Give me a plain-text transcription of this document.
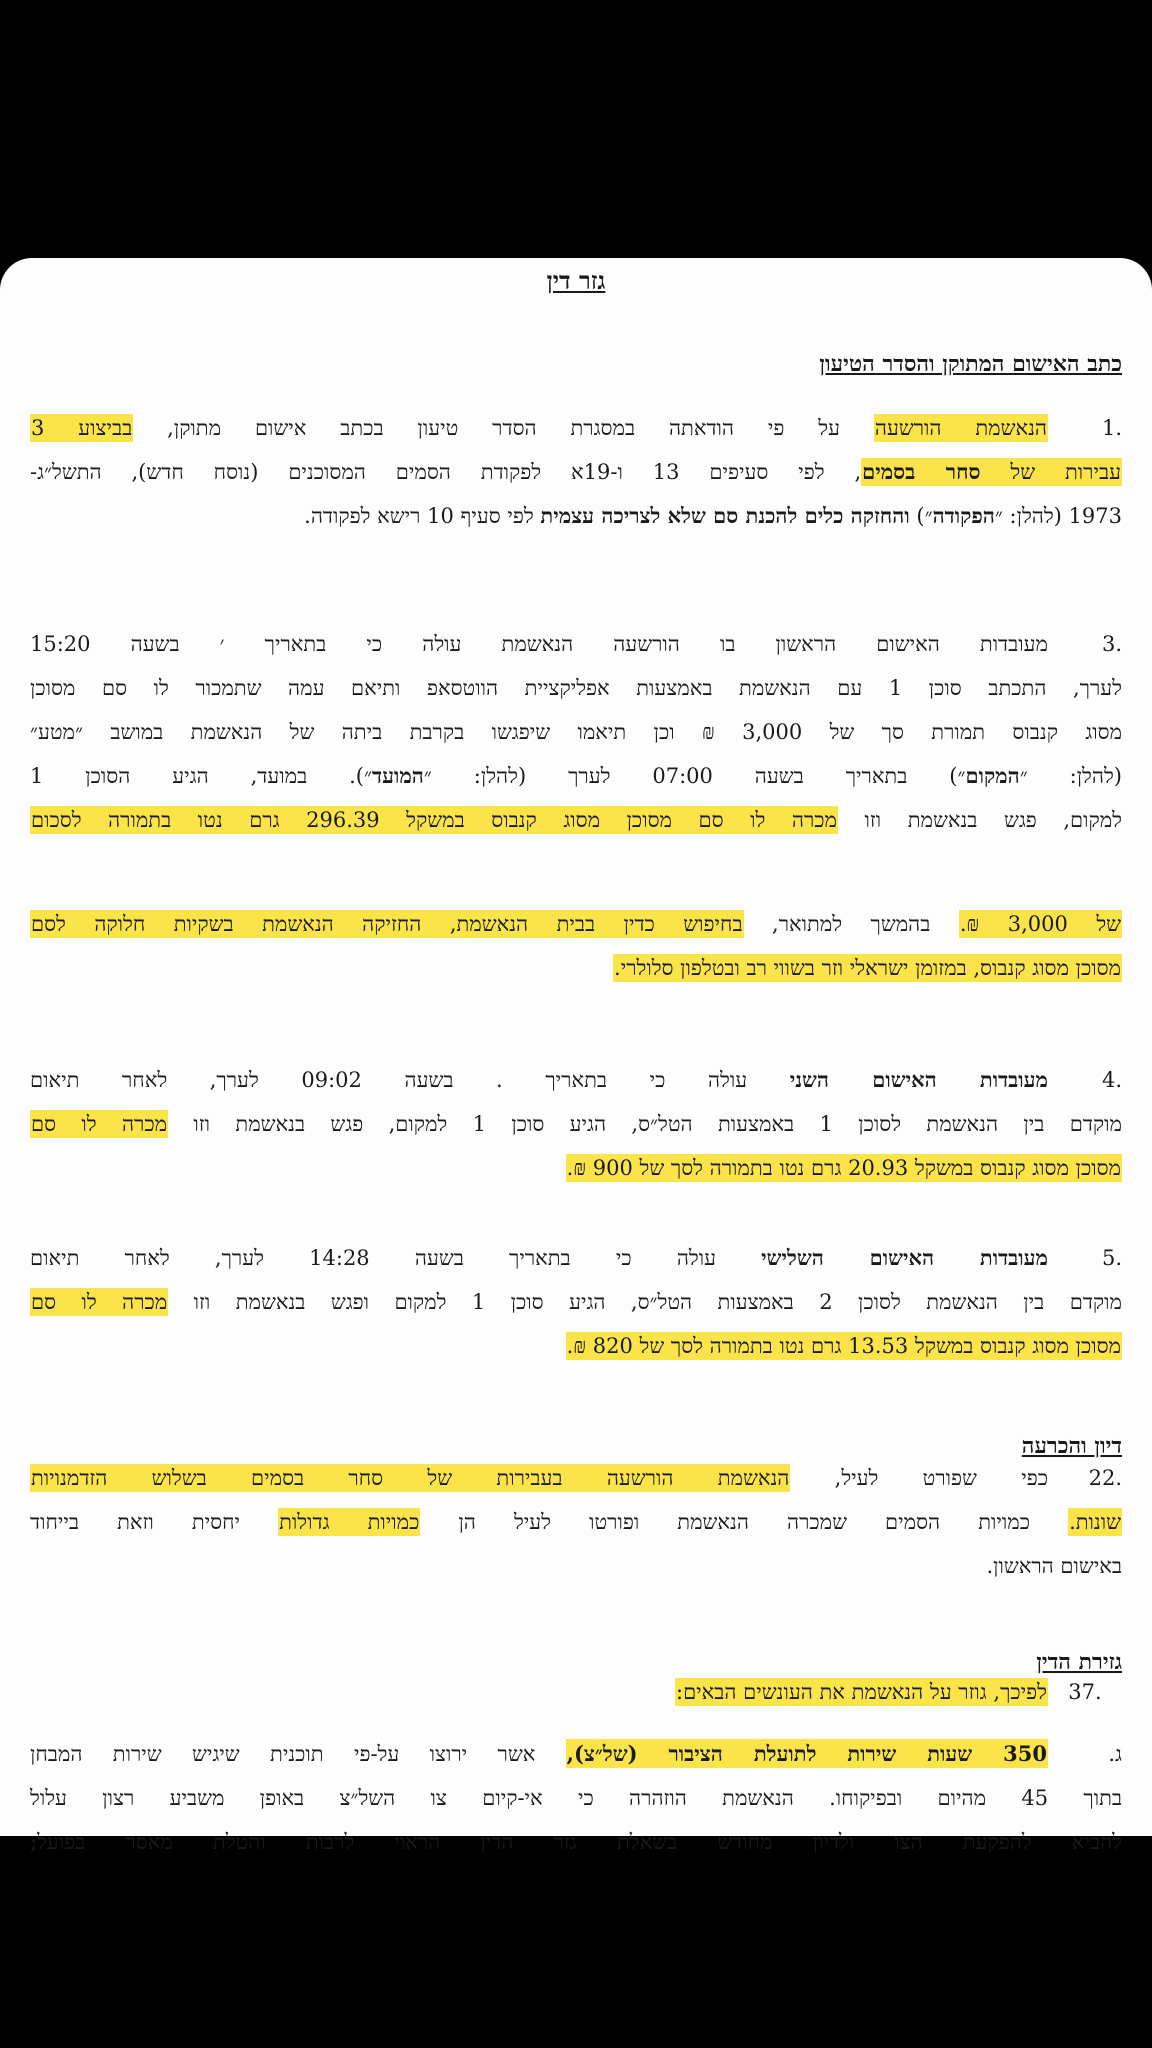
גזר דין
כתב האישום המתוקן והסדר הטיעון
.1הנאשמת הורשעה על פי הודאתה במסגרת הסדר טיעון בכתב אישום מתוקן, בביצוע 3
עבירות של סחר בסמים, לפי סעיפים 13 ו-19א לפקודת הסמים המסוכנים (נוסח חדש), התשל״ג-
1973 (להלן: ״הפקודה״) והחזקה כלים להכנת סם שלא לצריכה עצמית לפי סעיף 10 רישא לפקודה.
.3מעובדות האישום הראשון בו הורשעה הנאשמת עולה כי בתאריך ׳ בשעה 15:20
לערך, התכתב סוכן 1 עם הנאשמת באמצעות אפליקציית הווטסאפ ותיאם עמה שתמכור לו סם מסוכן
מסוג קנבוס תמורת סך של 3,000 ₪ וכן תיאמו שיפגשו בקרבת ביתה של הנאשמת במושב ״מטע״
(להלן: ״המקום״) בתאריך בשעה 07:00 לערך (להלן: ״המועד״). במועד, הגיע הסוכן 1
למקום, פגש בנאשמת וזו מכרה לו סם מסוכן מסוג קנבוס במשקל 296.39 גרם נטו בתמורה לסכום
של 3,000 ₪. בהמשך למתואר, בחיפוש כדין בבית הנאשמת, החזיקה הנאשמת בשקיות חלוקה לסם
מסוכן מסוג קנבוס, במזומן ישראלי וזר בשווי רב ובטלפון סלולרי.
.4מעובדות האישום השני עולה כי בתאריך . בשעה 09:02 לערך, לאחר תיאום
מוקדם בין הנאשמת לסוכן 1 באמצעות הטל״ס, הגיע סוכן 1 למקום, פגש בנאשמת וזו מכרה לו סם
מסוכן מסוג קנבוס במשקל 20.93 גרם נטו בתמורה לסך של 900 ₪.
.5מעובדות האישום השלישי עולה כי בתאריך בשעה 14:28 לערך, לאחר תיאום
מוקדם בין הנאשמת לסוכן 2 באמצעות הטל״ס, הגיע סוכן 1 למקום ופגש בנאשמת וזו מכרה לו סם
מסוכן מסוג קנבוס במשקל 13.53 גרם נטו בתמורה לסך של 820 ₪.
דיון והכרעה
.22כפי שפורט לעיל, הנאשמת הורשעה בעבירות של סחר בסמים בשלוש הזדמנויות
שונות. כמויות הסמים שמכרה הנאשמת ופורטו לעיל הן כמויות גדולות יחסית וזאת בייחוד
באישום הראשון.
גזירת הדין
.37לפיכך, גוזר על הנאשמת את העונשים הבאים:
ג.350 שעות שירות לתועלת הציבור (של״צ), אשר ירוצו על-פי תוכנית שיגיש שירות המבחן
בתוך 45 מהיום ובפיקוחו. הנאשמת הוזהרה כי אי-קיום צו השל״צ באופן משביע רצון עלול
להביא להפקעת הצו ולדיון מחודש בשאלת גזר הדין הראוי לרבות והטלת מאסר בפועל;
